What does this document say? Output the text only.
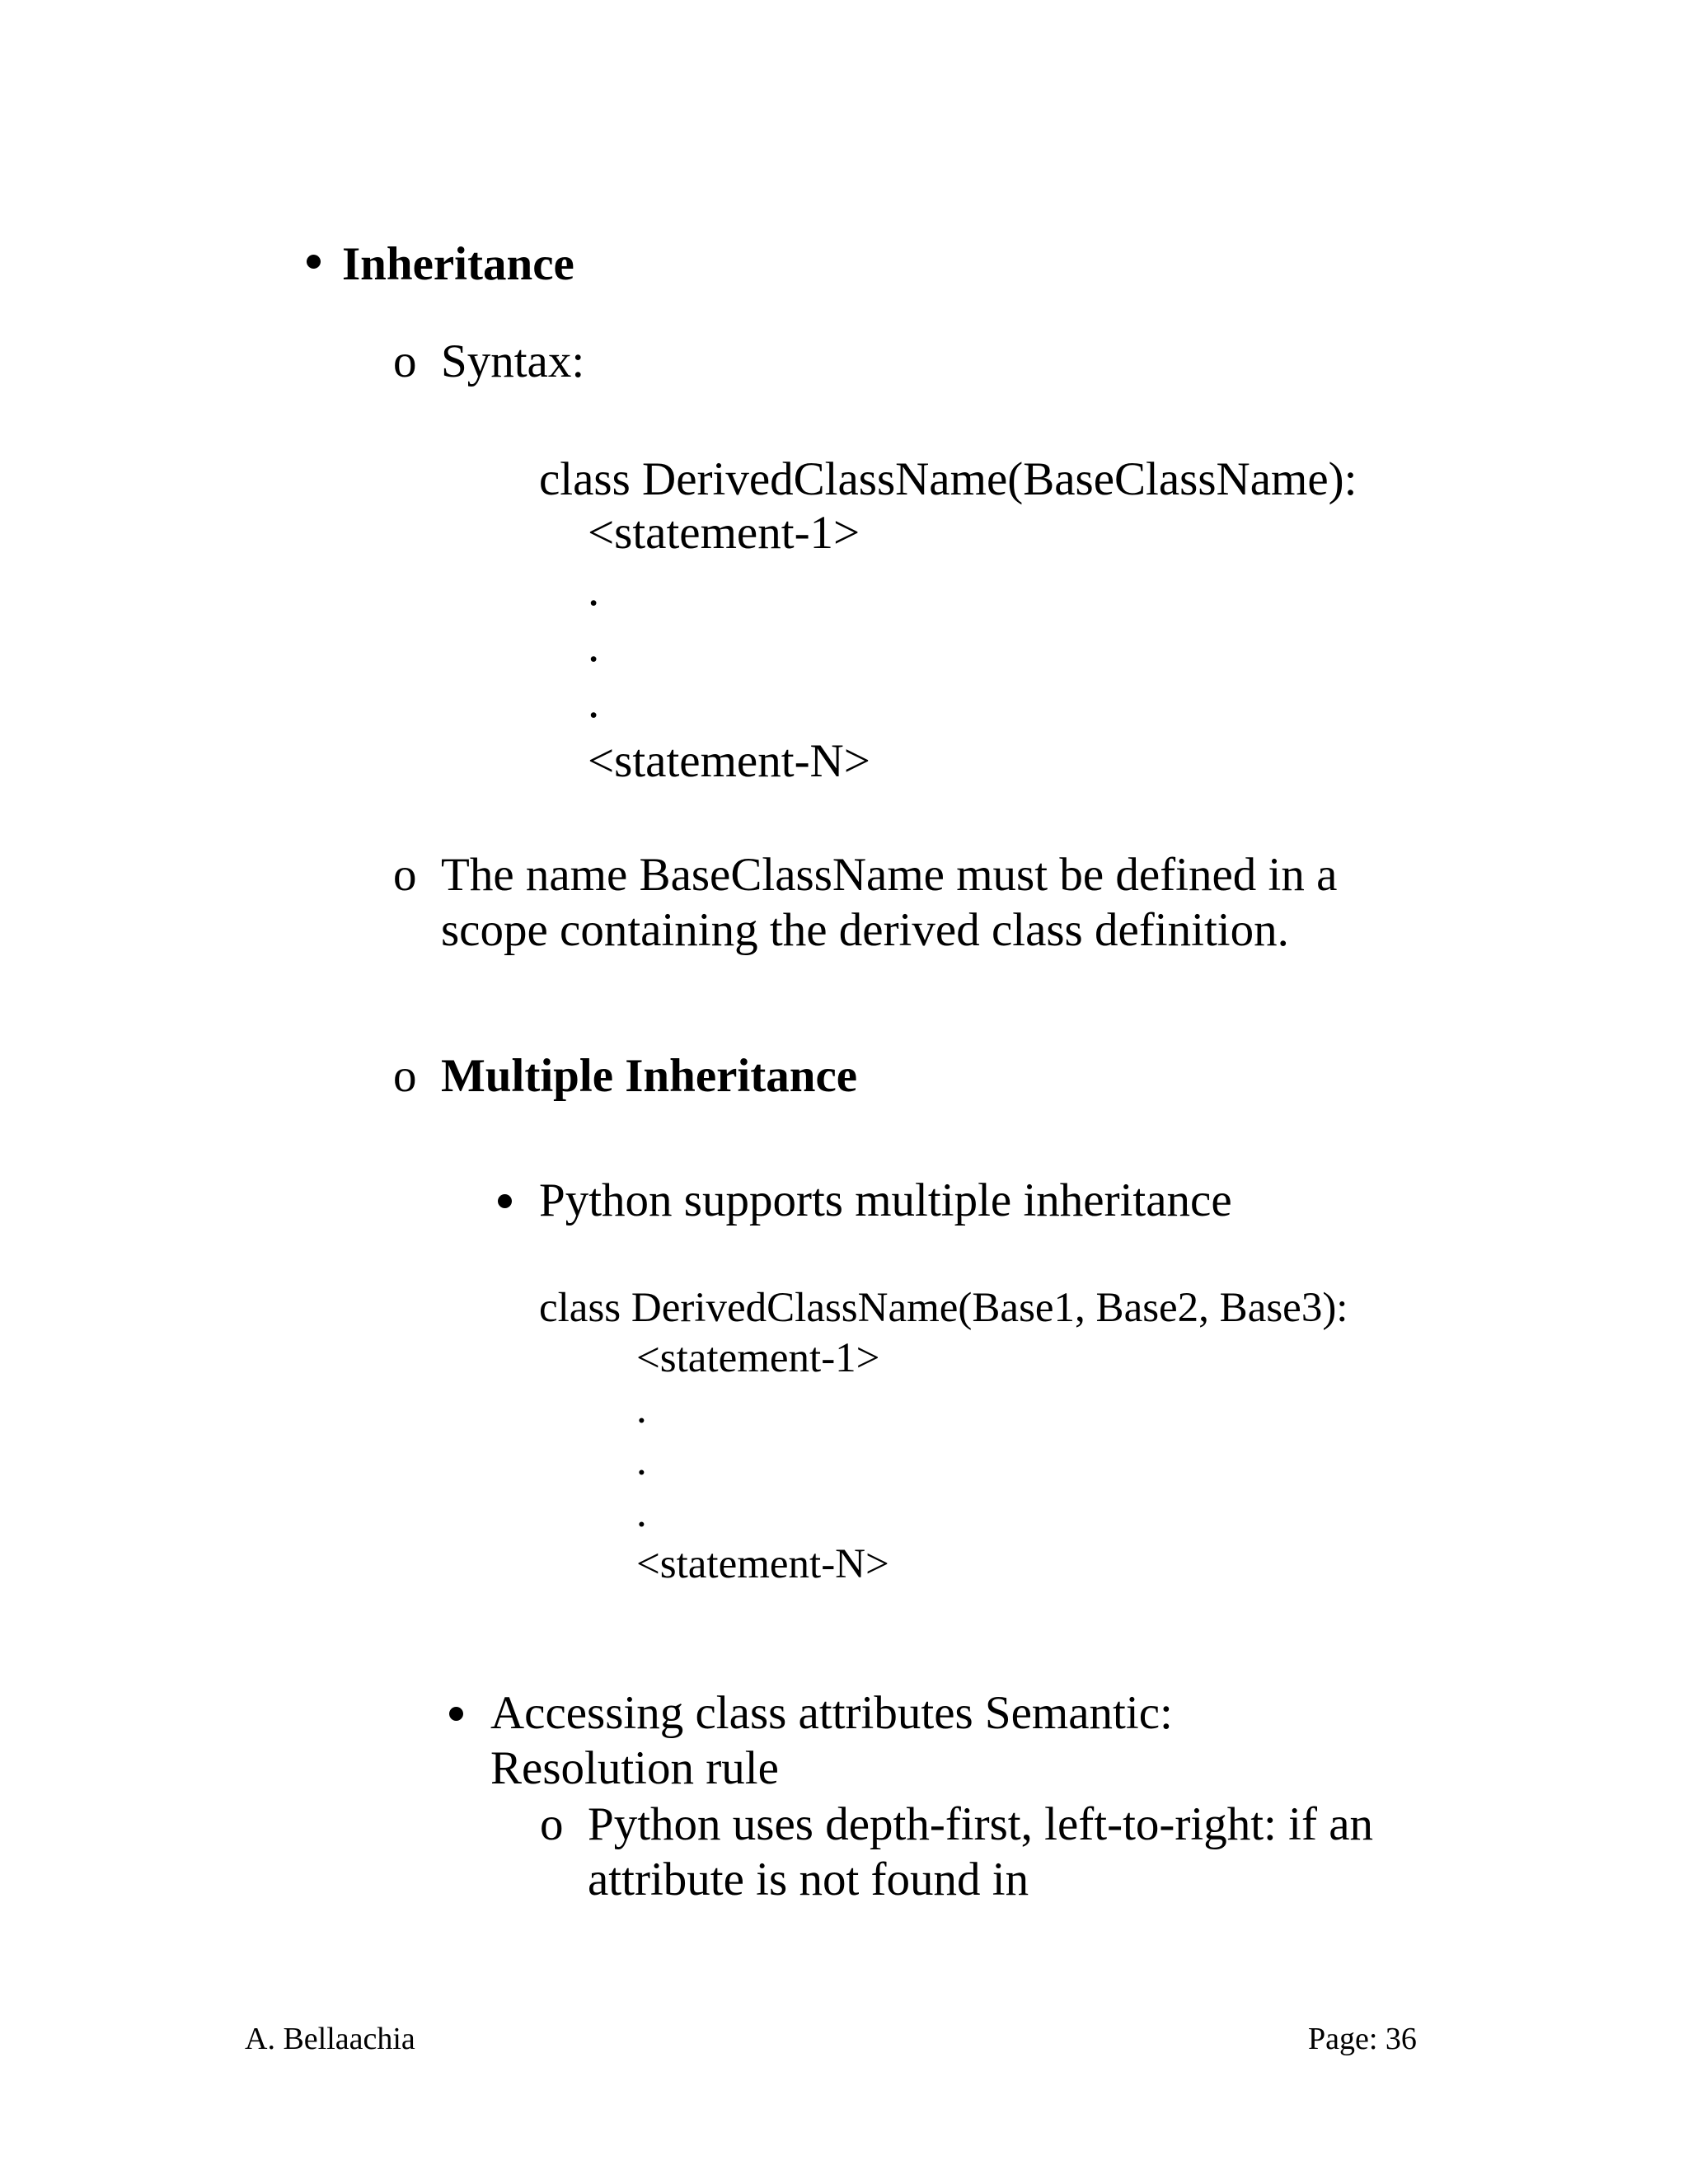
Inheritance
o Syntax:
class DerivedClassName(BaseClassName):
<statement-1>
.
.
.
<statement-N>
o The name BaseClassName must be defined in a
scope containing the derived class definition.
o Multiple Inheritance
Python supports multiple inheritance
class DerivedClassName(Base1, Base2, Base3):
<statement-1>
.
.
.
<statement-N>
Accessing class attributes Semantic:
Resolution rule
o Python uses depth-first, left-to-right: if an
attribute is not found in
A. Bellaachia	Page: 36
